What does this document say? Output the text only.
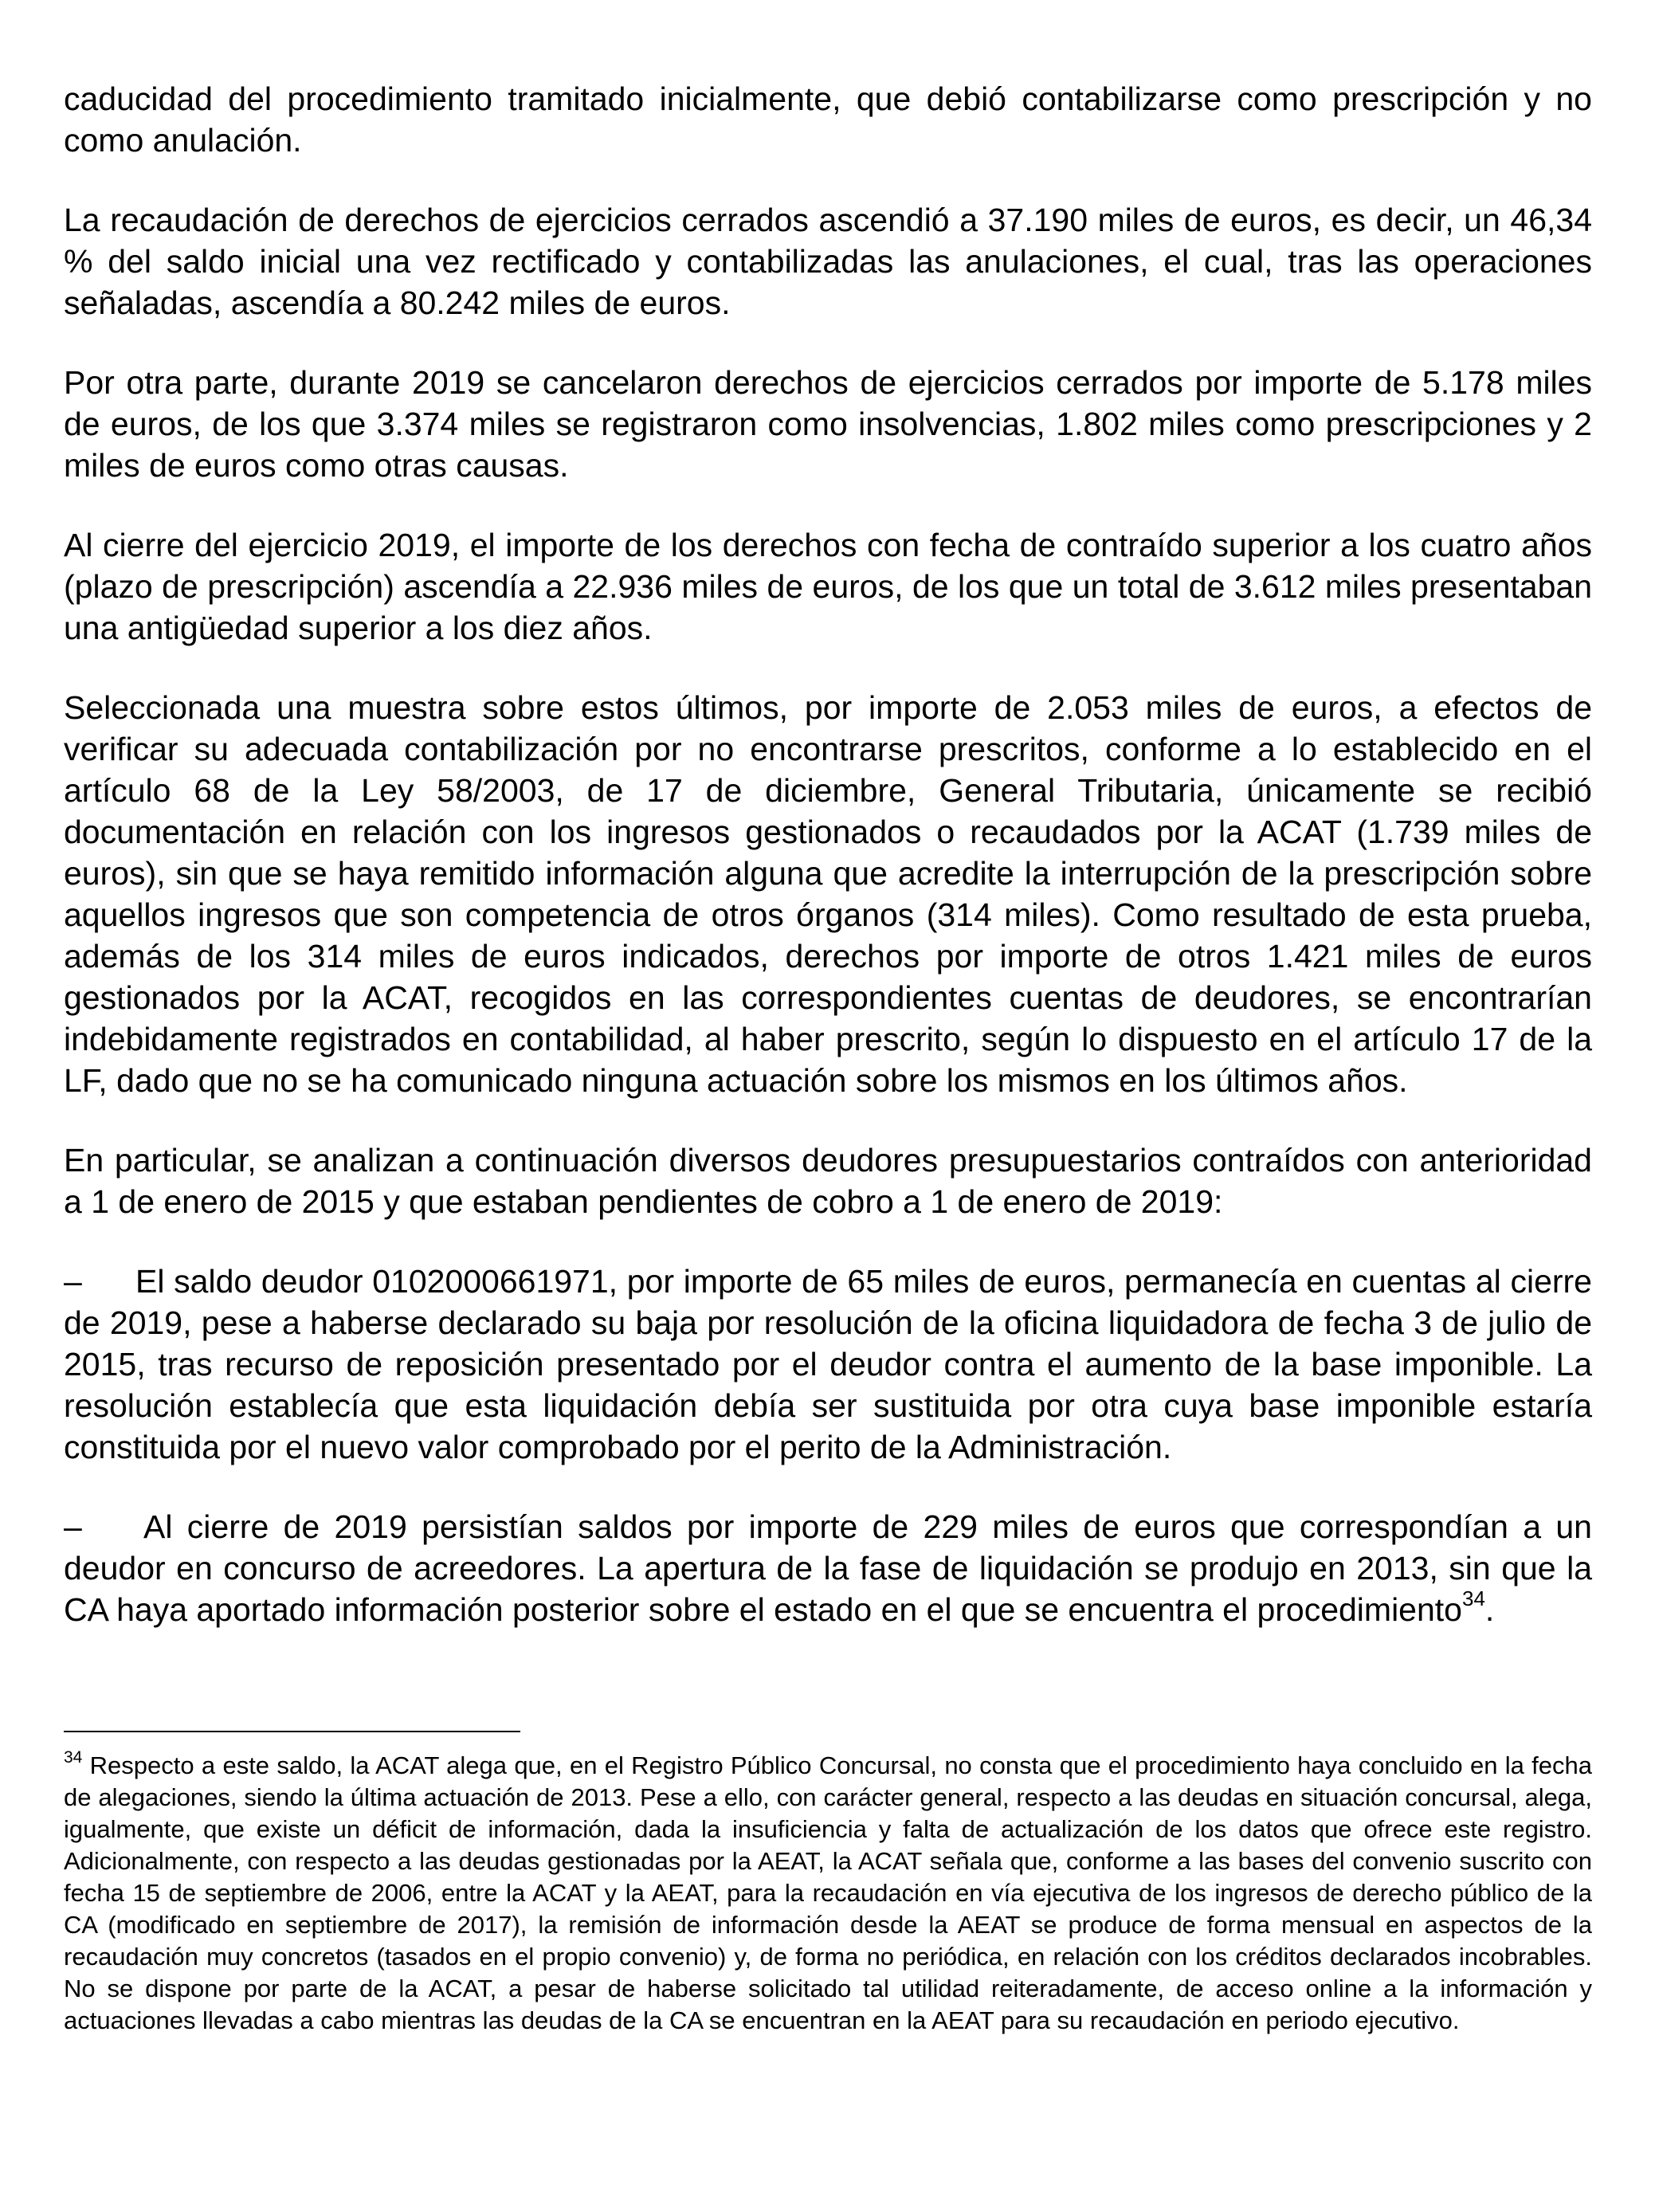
caducidad del procedimiento tramitado inicialmente, que debió contabilizarse como prescripción y no como anulación.

La recaudación de derechos de ejercicios cerrados ascendió a 37.190 miles de euros, es decir, un 46,34 % del saldo inicial una vez rectificado y contabilizadas las anulaciones, el cual, tras las operaciones señaladas, ascendía a 80.242 miles de euros.

Por otra parte, durante 2019 se cancelaron derechos de ejercicios cerrados por importe de 5.178 miles de euros, de los que 3.374 miles se registraron como insolvencias, 1.802 miles como prescripciones y 2 miles de euros como otras causas.

Al cierre del ejercicio 2019, el importe de los derechos con fecha de contraído superior a los cuatro años (plazo de prescripción) ascendía a 22.936 miles de euros, de los que un total de 3.612 miles presentaban una antigüedad superior a los diez años.

Seleccionada una muestra sobre estos últimos, por importe de 2.053 miles de euros, a efectos de verificar su adecuada contabilización por no encontrarse prescritos, conforme a lo establecido en el artículo 68 de la Ley 58/2003, de 17 de diciembre, General Tributaria, únicamente se recibió documentación en relación con los ingresos gestionados o recaudados por la ACAT (1.739 miles de euros), sin que se haya remitido información alguna que acredite la interrupción de la prescripción sobre aquellos ingresos que son competencia de otros órganos (314 miles). Como resultado de esta prueba, además de los 314 miles de euros indicados, derechos por importe de otros 1.421 miles de euros gestionados por la ACAT, recogidos en las correspondientes cuentas de deudores, se encontrarían indebidamente registrados en contabilidad, al haber prescrito, según lo dispuesto en el artículo 17 de la LF, dado que no se ha comunicado ninguna actuación sobre los mismos en los últimos años.

En particular, se analizan a continuación diversos deudores presupuestarios contraídos con anterioridad a 1 de enero de 2015 y que estaban pendientes de cobro a 1 de enero de 2019:

– El saldo deudor 0102000661971, por importe de 65 miles de euros, permanecía en cuentas al cierre de 2019, pese a haberse declarado su baja por resolución de la oficina liquidadora de fecha 3 de julio de 2015, tras recurso de reposición presentado por el deudor contra el aumento de la base imponible. La resolución establecía que esta liquidación debía ser sustituida por otra cuya base imponible estaría constituida por el nuevo valor comprobado por el perito de la Administración.

– Al cierre de 2019 persistían saldos por importe de 229 miles de euros que correspondían a un deudor en concurso de acreedores. La apertura de la fase de liquidación se produjo en 2013, sin que la CA haya aportado información posterior sobre el estado en el que se encuentra el procedimiento$^{34}$.

$^{34}$ Respecto a este saldo, la ACAT alega que, en el Registro Público Concursal, no consta que el procedimiento haya concluido en la fecha de alegaciones, siendo la última actuación de 2013. Pese a ello, con carácter general, respecto a las deudas en situación concursal, alega, igualmente, que existe un déficit de información, dada la insuficiencia y falta de actualización de los datos que ofrece este registro. Adicionalmente, con respecto a las deudas gestionadas por la AEAT, la ACAT señala que, conforme a las bases del convenio suscrito con fecha 15 de septiembre de 2006, entre la ACAT y la AEAT, para la recaudación en vía ejecutiva de los ingresos de derecho público de la CA (modificado en septiembre de 2017), la remisión de información desde la AEAT se produce de forma mensual en aspectos de la recaudación muy concretos (tasados en el propio convenio) y, de forma no periódica, en relación con los créditos declarados incobrables. No se dispone por parte de la ACAT, a pesar de haberse solicitado tal utilidad reiteradamente, de acceso online a la información y actuaciones llevadas a cabo mientras las deudas de la CA se encuentran en la AEAT para su recaudación en periodo ejecutivo.
